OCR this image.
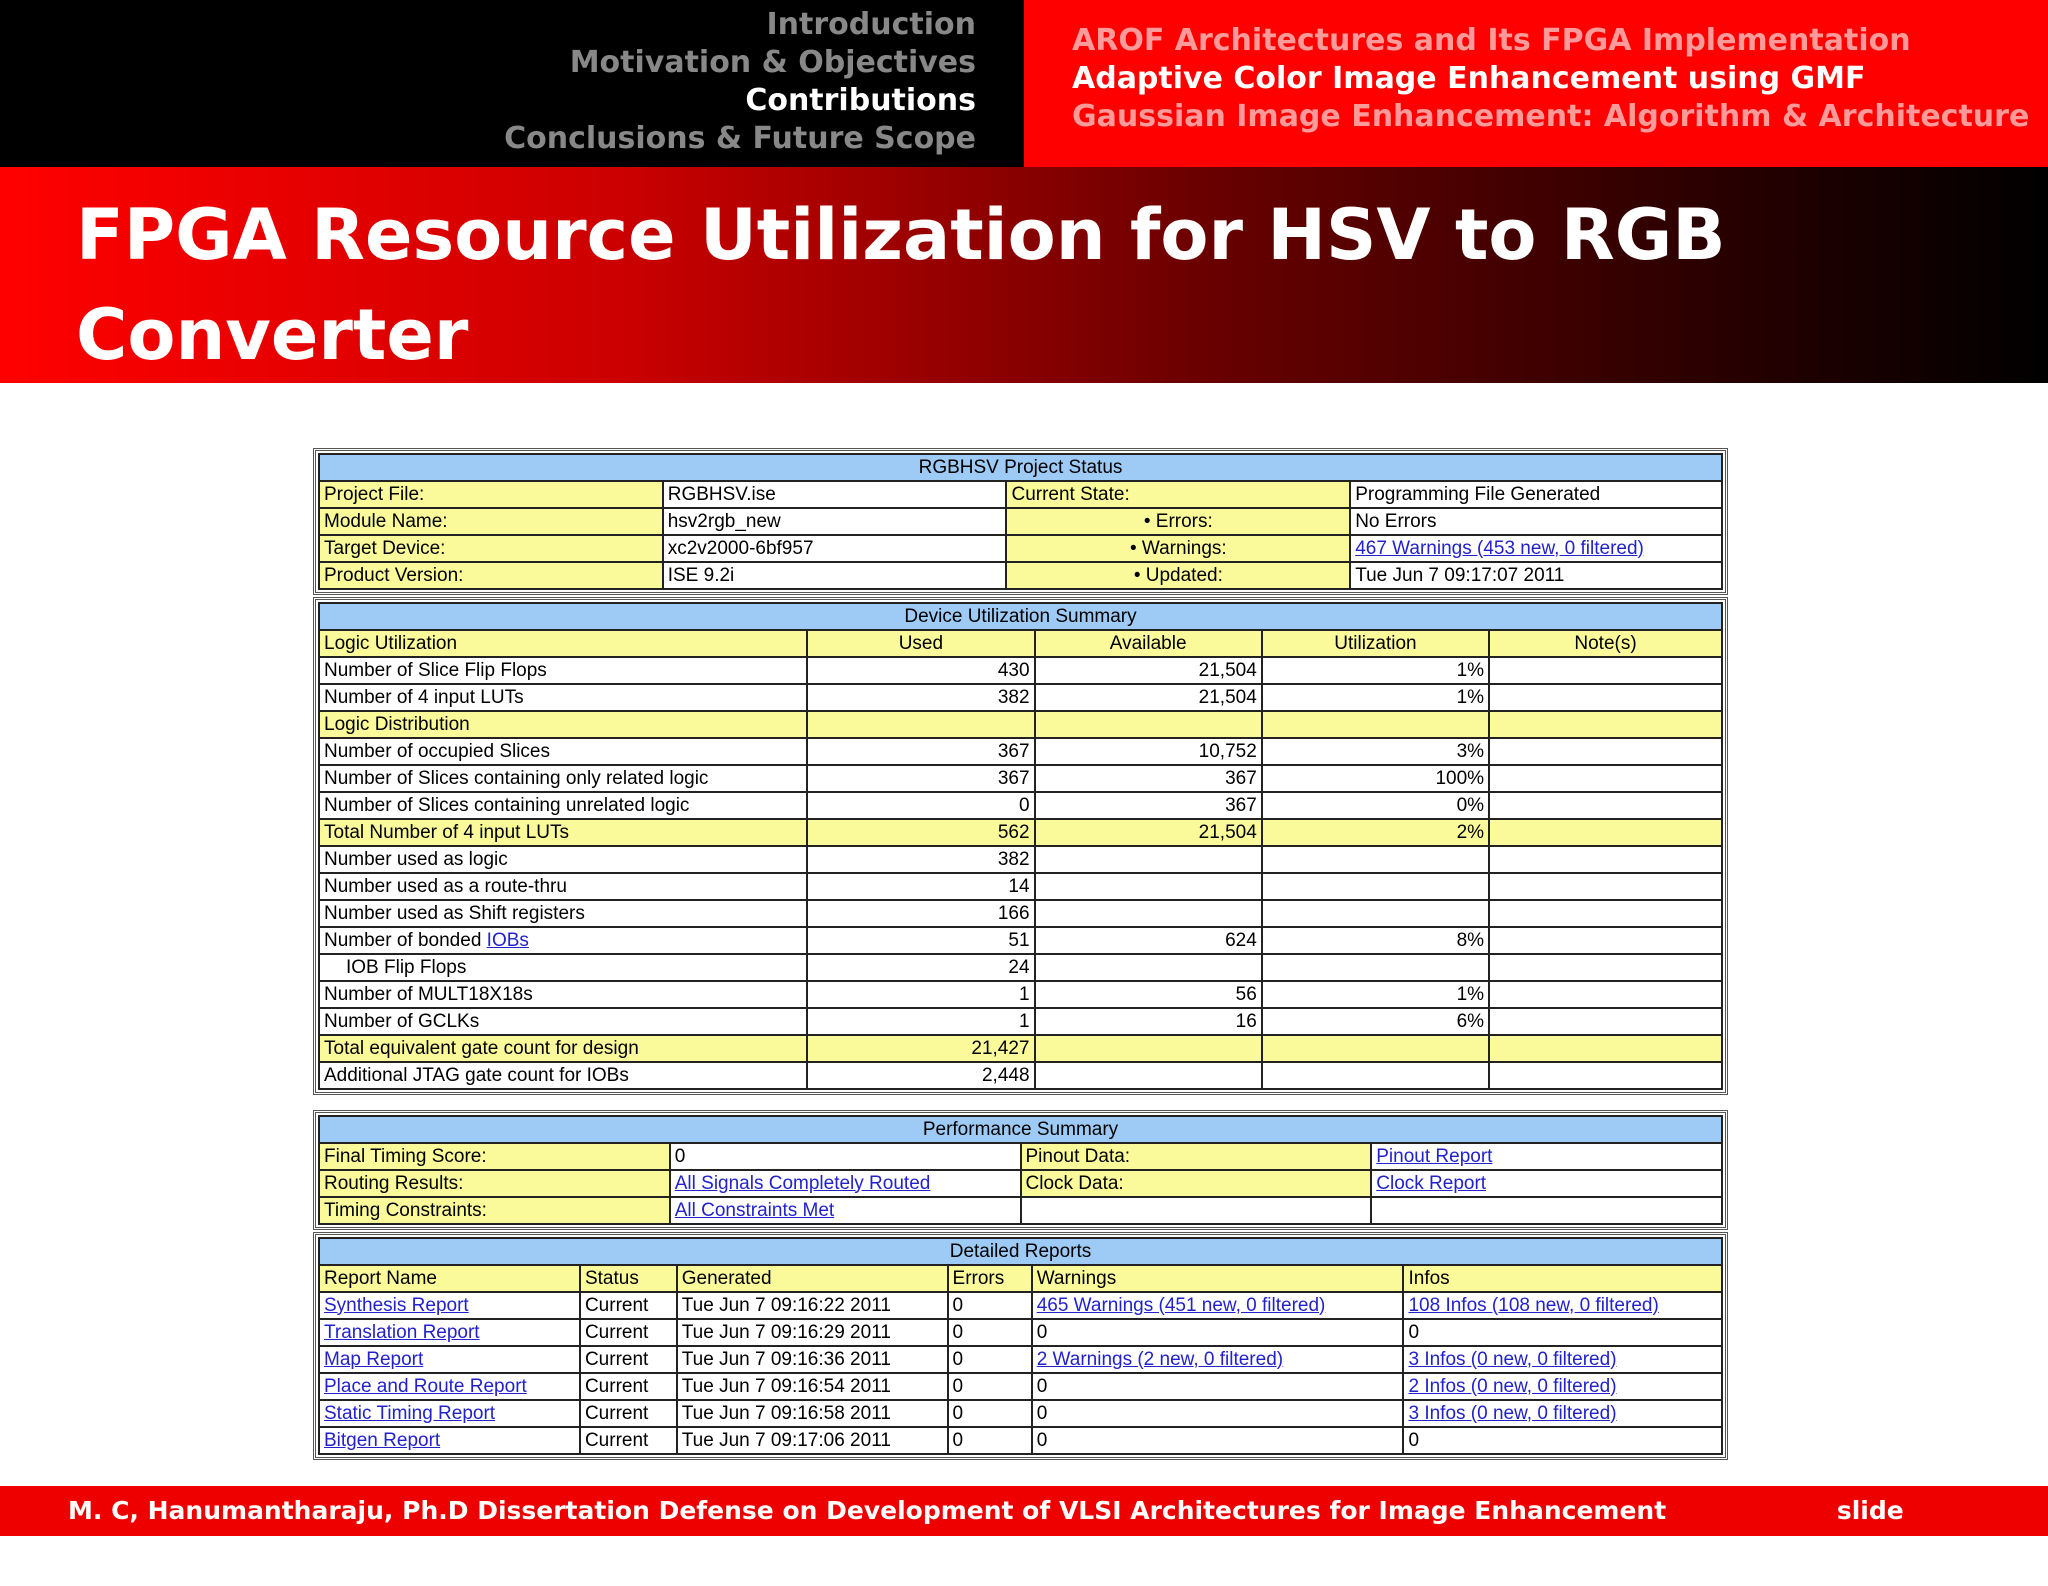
Introduction
Motivation & Objectives
Contributions
Conclusions & Future Scope
AROF Architectures and Its FPGA Implementation
Adaptive Color Image Enhancement using GMF
Gaussian Image Enhancement: Algorithm & Architecture
FPGA Resource Utilization for HSV to RGB Converter
RGBHSV Project Status			
Project File:	RGBHSV.ise	Current State:	Programming File Generated
Module Name:	hsv2rgb_new	• Errors:	No Errors
Target Device:	xc2v2000-6bf957	• Warnings:	467 Warnings (453 new, 0 filtered)
Product Version:	ISE 9.2i	• Updated:	Tue Jun 7 09:17:07 2011
Device Utilization Summary				
Logic Utilization	Used	Available	Utilization	Note(s)
Number of Slice Flip Flops	430	21,504	1%	
Number of 4 input LUTs	382	21,504	1%	
Logic Distribution				
Number of occupied Slices	367	10,752	3%	
Number of Slices containing only related logic	367	367	100%	
Number of Slices containing unrelated logic	0	367	0%	
Total Number of 4 input LUTs	562	21,504	2%	
Number used as logic	382			
Number used as a route-thru	14			
Number used as Shift registers	166			
Number of bonded IOBs	51	624	8%	
IOB Flip Flops	24			
Number of MULT18X18s	1	56	1%	
Number of GCLKs	1	16	6%	
Total equivalent gate count for design	21,427			
Additional JTAG gate count for IOBs	2,448			
Performance Summary			
Final Timing Score:	0	Pinout Data:	Pinout Report
Routing Results:	All Signals Completely Routed	Clock Data:	Clock Report
Timing Constraints:	All Constraints Met		
Detailed Reports					
Report Name	Status	Generated	Errors	Warnings	Infos
Synthesis Report	Current	Tue Jun 7 09:16:22 2011	0	465 Warnings (451 new, 0 filtered)	108 Infos (108 new, 0 filtered)
Translation Report	Current	Tue Jun 7 09:16:29 2011	0	0	0
Map Report	Current	Tue Jun 7 09:16:36 2011	0	2 Warnings (2 new, 0 filtered)	3 Infos (0 new, 0 filtered)
Place and Route Report	Current	Tue Jun 7 09:16:54 2011	0	0	2 Infos (0 new, 0 filtered)
Static Timing Report	Current	Tue Jun 7 09:16:58 2011	0	0	3 Infos (0 new, 0 filtered)
Bitgen Report	Current	Tue Jun 7 09:17:06 2011	0	0	0
M. C, Hanumantharaju, Ph.D Dissertation Defense on Development of VLSI Architectures for Image Enhancement Techniques:
slide 80/146
